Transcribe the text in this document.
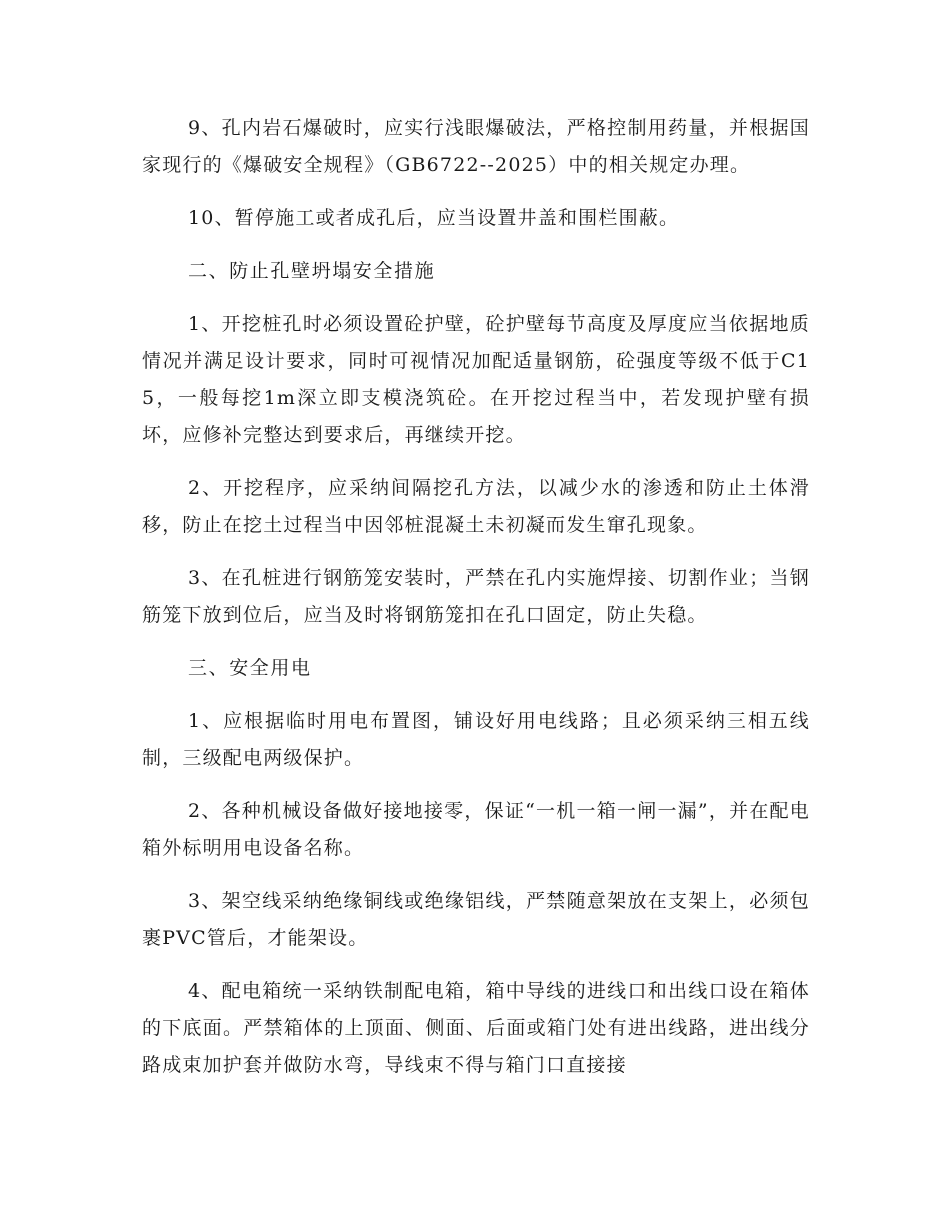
9、孔内岩石爆破时，应实行浅眼爆破法，严格控制用药量，并根据国家现行的《爆破安全规程》（GB6722--2025）中的相关规定办理。

10、暂停施工或者成孔后，应当设置井盖和围栏围蔽。

二、防止孔壁坍塌安全措施

1、开挖桩孔时必须设置砼护壁，砼护壁每节高度及厚度应当依据地质情况并满足设计要求，同时可视情况加配适量钢筋，砼强度等级不低于C15，一般每挖1m深立即支模浇筑砼。在开挖过程当中，若发现护壁有损坏，应修补完整达到要求后，再继续开挖。

2、开挖程序，应采纳间隔挖孔方法，以减少水的渗透和防止土体滑移，防止在挖土过程当中因邻桩混凝土未初凝而发生窜孔现象。

3、在孔桩进行钢筋笼安装时，严禁在孔内实施焊接、切割作业；当钢筋笼下放到位后，应当及时将钢筋笼扣在孔口固定，防止失稳。

三、安全用电

1、应根据临时用电布置图，铺设好用电线路；且必须采纳三相五线制，三级配电两级保护。

2、各种机械设备做好接地接零，保证“一机一箱一闸一漏”，并在配电箱外标明用电设备名称。

3、架空线采纳绝缘铜线或绝缘铝线，严禁随意架放在支架上，必须包裹PVC管后，才能架设。

4、配电箱统一采纳铁制配电箱，箱中导线的进线口和出线口设在箱体的下底面。严禁箱体的上顶面、侧面、后面或箱门处有进出线路，进出线分路成束加护套并做防水弯，导线束不得与箱门口直接接
